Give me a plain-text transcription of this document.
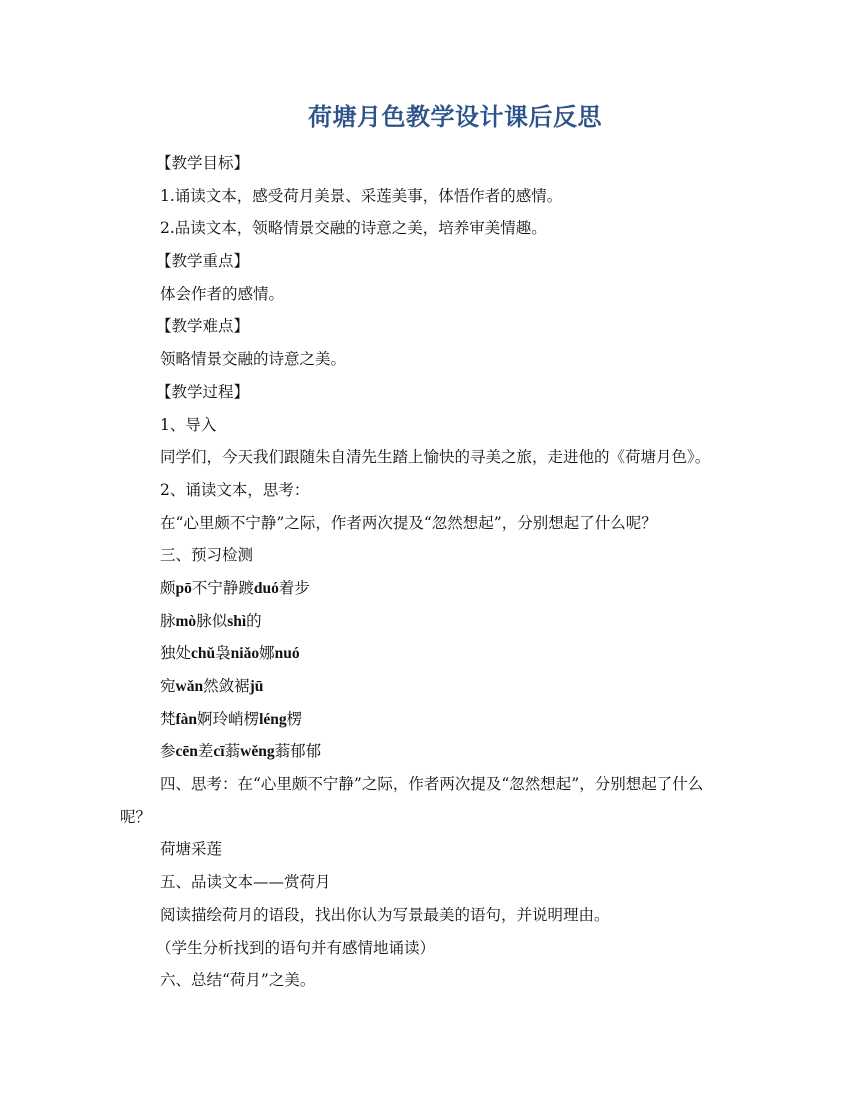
荷塘月色教学设计课后反思
【教学目标】
1.诵读文本，感受荷月美景、采莲美事，体悟作者的感情。
2.品读文本，领略情景交融的诗意之美，培养审美情趣。
【教学重点】
体会作者的感情。
【教学难点】
领略情景交融的诗意之美。
【教学过程】
1、导入
同学们，今天我们跟随朱自清先生踏上愉快的寻美之旅，走进他的《荷塘月色》。
2、诵读文本，思考：
在“心里颇不宁静”之际，作者两次提及“忽然想起”，分别想起了什么呢？
三、预习检测
颇pō不宁静踱duó着步
脉mò脉似shì的
独处chǔ袅niǎo娜nuó
宛wǎn然敛裾jū
梵fàn婀玲峭楞léng楞
参cēn差cī蓊wěng蓊郁郁
四、思考：在“心里颇不宁静”之际，作者两次提及“忽然想起”，分别想起了什么
呢？
荷塘采莲
五、品读文本——赏荷月
阅读描绘荷月的语段，找出你认为写景最美的语句，并说明理由。
（学生分析找到的语句并有感情地诵读）
六、总结“荷月”之美。
